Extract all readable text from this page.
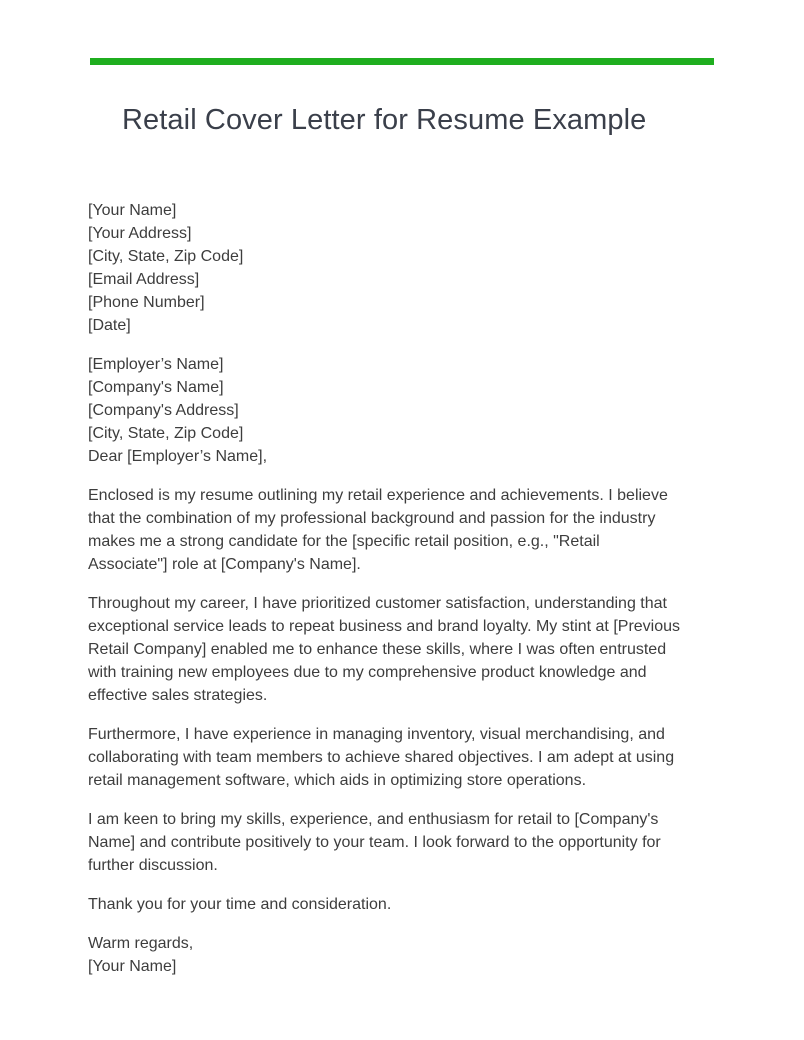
Retail Cover Letter for Resume Example
[Your Name]
[Your Address]
[City, State, Zip Code]
[Email Address]
[Phone Number]
[Date]
[Employer’s Name]
[Company's Name]
[Company's Address]
[City, State, Zip Code]
Dear [Employer’s Name],

Enclosed is my resume outlining my retail experience and achievements. I believe
that the combination of my professional background and passion for the industry
makes me a strong candidate for the [specific retail position, e.g., "Retail
Associate"] role at [Company's Name].

Throughout my career, I have prioritized customer satisfaction, understanding that
exceptional service leads to repeat business and brand loyalty. My stint at [Previous
Retail Company] enabled me to enhance these skills, where I was often entrusted
with training new employees due to my comprehensive product knowledge and
effective sales strategies.

Furthermore, I have experience in managing inventory, visual merchandising, and
collaborating with team members to achieve shared objectives. I am adept at using
retail management software, which aids in optimizing store operations.

I am keen to bring my skills, experience, and enthusiasm for retail to [Company's
Name] and contribute positively to your team. I look forward to the opportunity for
further discussion.

Thank you for your time and consideration.

Warm regards,
[Your Name]
